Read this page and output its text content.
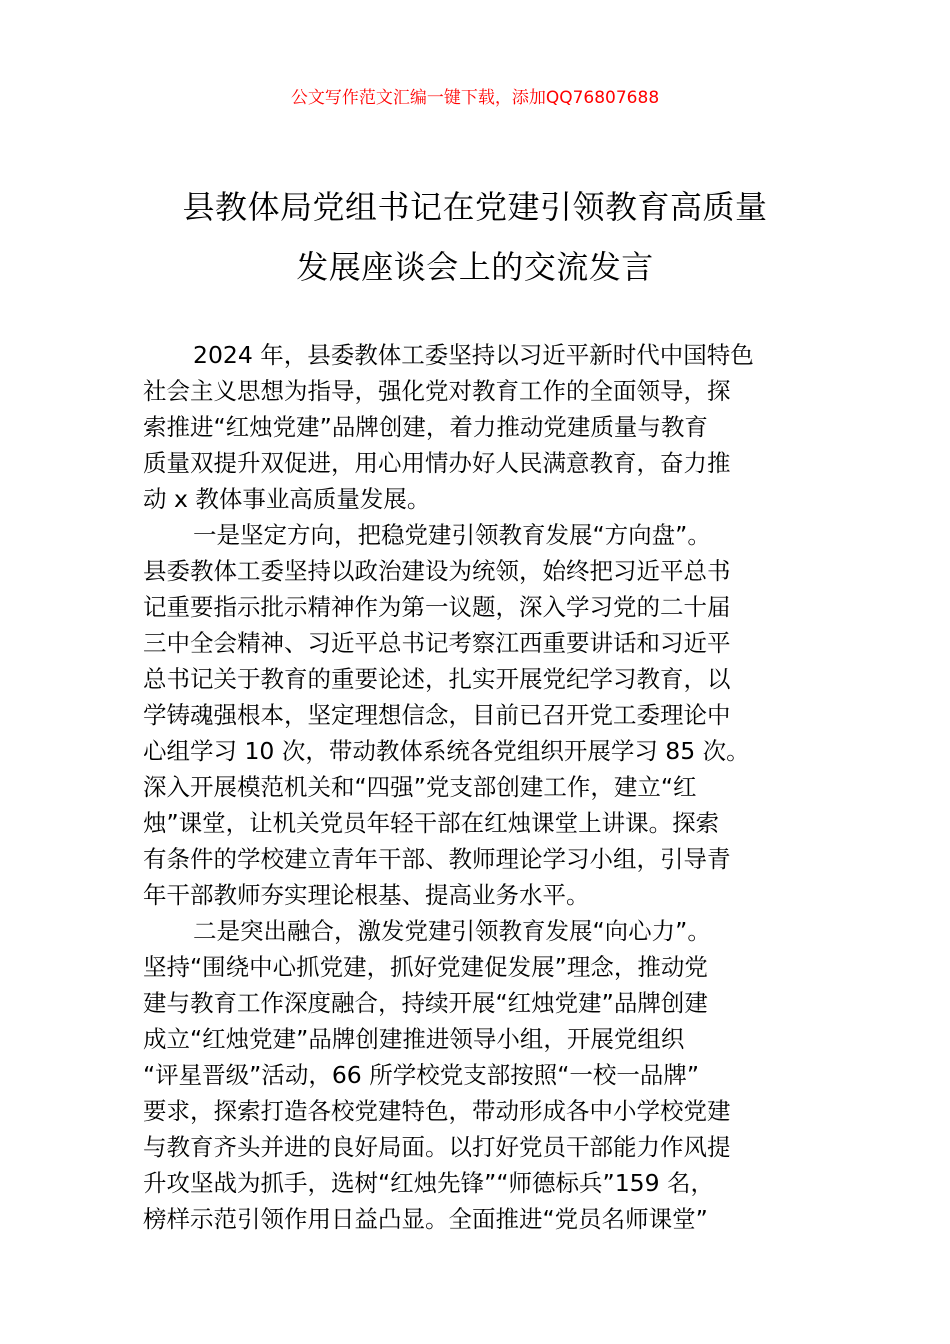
公文写作范文汇编一键下载，添加QQ76807688
县教体局党组书记在党建引领教育高质量
发展座谈会上的交流发言
2024 年，县委教体工委坚持以习近平新时代中国特色
社会主义思想为指导，强化党对教育工作的全面领导，探
索推进“红烛党建”品牌创建，着力推动党建质量与教育
质量双提升双促进，用心用情办好人民满意教育，奋力推
动 x 教体事业高质量发展。
一是坚定方向，把稳党建引领教育发展“方向盘”。
县委教体工委坚持以政治建设为统领，始终把习近平总书
记重要指示批示精神作为第一议题，深入学习党的二十届
三中全会精神、习近平总书记考察江西重要讲话和习近平
总书记关于教育的重要论述，扎实开展党纪学习教育，以
学铸魂强根本，坚定理想信念，目前已召开党工委理论中
心组学习 10 次，带动教体系统各党组织开展学习 85 次。
深入开展模范机关和“四强”党支部创建工作，建立“红
烛”课堂，让机关党员年轻干部在红烛课堂上讲课。探索
有条件的学校建立青年干部、教师理论学习小组，引导青
年干部教师夯实理论根基、提高业务水平。
二是突出融合，激发党建引领教育发展“向心力”。
坚持“围绕中心抓党建，抓好党建促发展”理念，推动党
建与教育工作深度融合，持续开展“红烛党建”品牌创建
成立“红烛党建”品牌创建推进领导小组，开展党组织
“评星晋级”活动，66 所学校党支部按照“一校一品牌”
要求，探索打造各校党建特色，带动形成各中小学校党建
与教育齐头并进的良好局面。以打好党员干部能力作风提
升攻坚战为抓手，选树“红烛先锋”“师德标兵”159 名，
榜样示范引领作用日益凸显。全面推进“党员名师课堂”
